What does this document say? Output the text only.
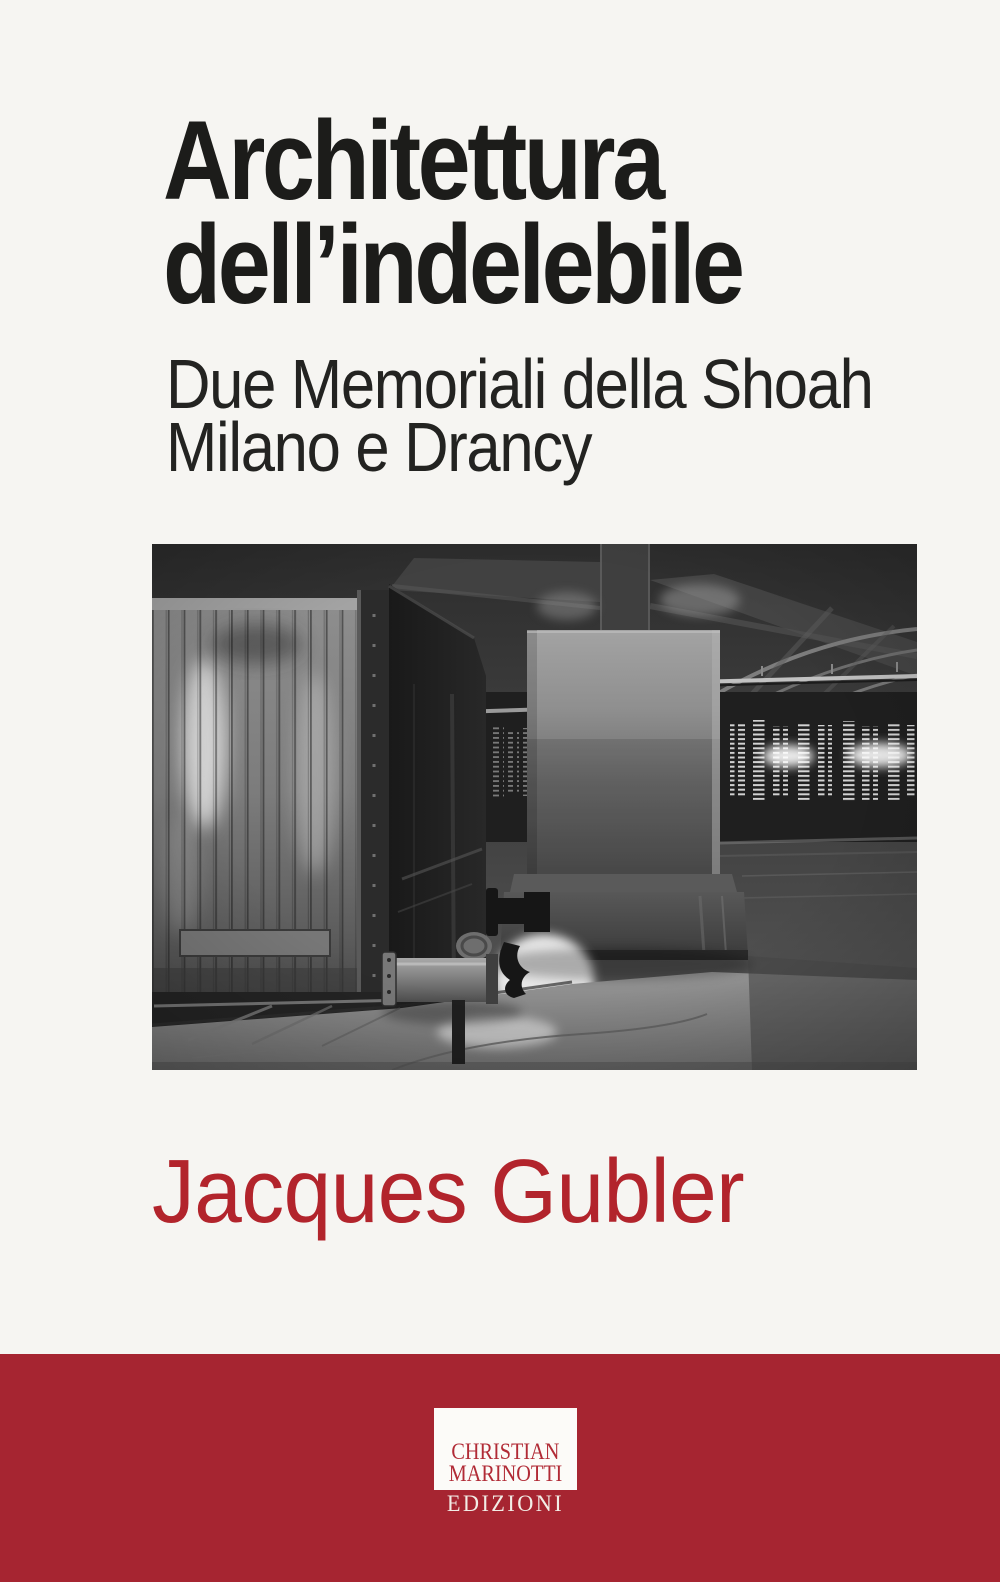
Architettura
dell’indelebile
Due Memoriali della Shoah
Milano e Drancy
Jacques Gubler
CHRISTIAN
MARINOTTI
EDIZIONI
